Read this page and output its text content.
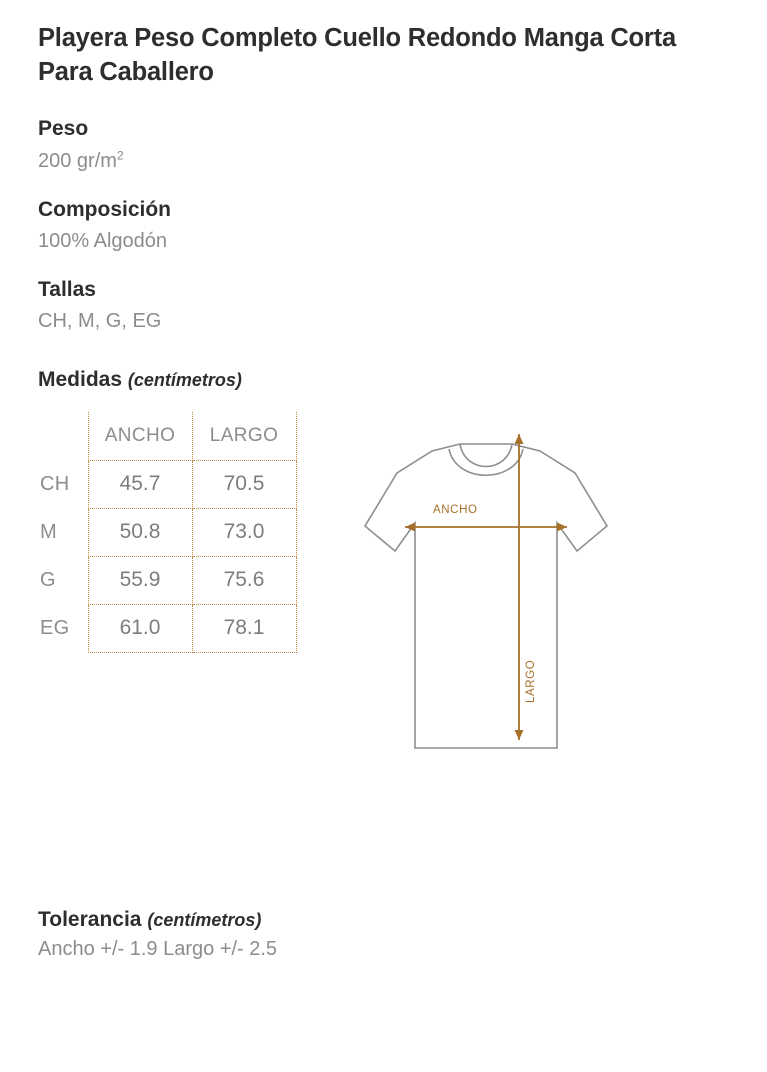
Playera Peso Completo Cuello Redondo Manga Corta Para Caballero
Peso
200 $gr/m^2$
Composición
100% Algodón
Tallas
CH, M, G, EG
Medidas (centímetros)
	ANCHO	LARGO
CH	45.7	70.5
M	50.8	73.0
G	55.9	75.6
EG	61.0	78.1
ANCHO
LARGO
Tolerancia (centímetros)
Ancho +/- 1.9 Largo +/- 2.5
